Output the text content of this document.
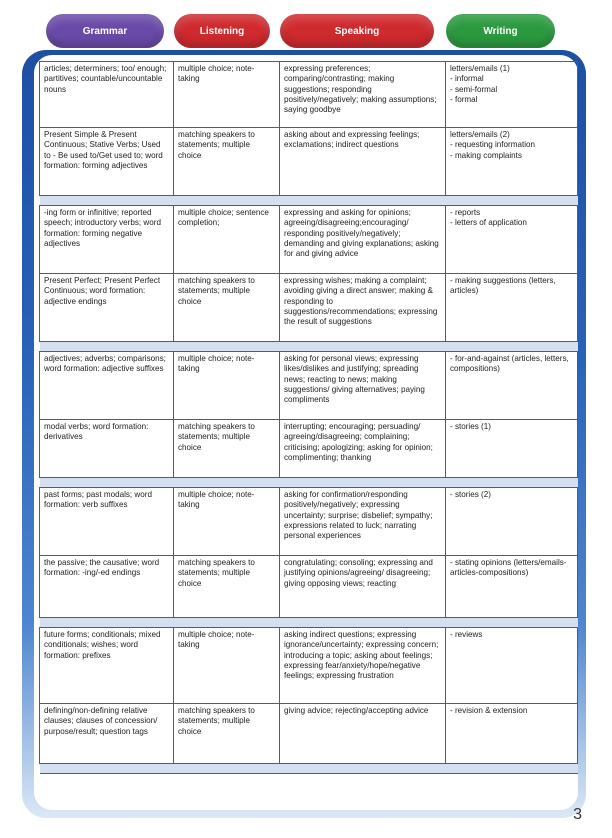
Grammar	Listening	Speaking	Writing
articles; determiners; too/ enough; partitives; countable/uncountable nouns	multiple choice; note-taking	expressing preferences; comparing/contrasting; making suggestions; responding positively/negatively; making assumptions; saying goodbye	letters/emails (1)
- informal
- semi-formal
- formal
Present Simple & Present Continuous; Stative Verbs; Used to - Be used to/Get used to; word formation: forming adjectives	matching speakers to statements; multiple choice	asking about and expressing feelings; exclamations; indirect questions	letters/emails (2)
- requesting information
- making complaints

-ing form or infinitive; reported speech; introductory verbs; word formation: forming negative adjectives	multiple choice; sentence completion;	expressing and asking for opinions; agreeing/disagreeing;encouraging/ responding positively/negatively; demanding and giving explanations; asking for and giving advice	- reports
- letters of application
Present Perfect; Present Perfect Continuous; word formation: adjective endings	matching speakers to statements; multiple choice	expressing wishes; making a complaint; avoiding giving a direct answer; making & responding to suggestions/recommendations; expressing the result of suggestions	- making suggestions (letters, articles)

adjectives; adverbs; comparisons; word formation: adjective suffixes	multiple choice; note-taking	asking for personal views; expressing likes/dislikes and justifying; spreading news; reacting to news; making suggestions/ giving alternatives; paying compliments	- for-and-against (articles, letters, compositions)
modal verbs; word formation: derivatives	matching speakers to statements; multiple choice	interrupting; encouraging; persuading/ agreeing/disagreeing; complaining; criticising; apologizing; asking for opinion; complimenting; thanking	- stories (1)

past forms; past modals; word formation: verb suffixes	multiple choice; note-taking	asking for confirmation/responding positively/negatively; expressing uncertainty; surprise; disbelief; sympathy; expressions related to luck; narrating personal experiences	- stories (2)
the passive; the causative; word formation: -ing/-ed endings	matching speakers to statements; multiple choice	congratulating; consoling; expressing and justifying opinions/agreeing/ disagreeing; giving opposing views; reacting	- stating opinions (letters/emails-articles-compositions)

future forms; conditionals; mixed conditionals; wishes; word formation: prefixes	multiple choice; note-taking	asking indirect questions; expressing ignorance/uncertainty; expressing concern; introducing a topic; asking about feelings; expressing fear/anxiety/hope/negative feelings; expressing frustration	- reviews
defining/non-defining relative clauses; clauses of concession/ purpose/result; question tags	matching speakers to statements; multiple choice	giving advice; rejecting/accepting advice	- revision & extension

3
